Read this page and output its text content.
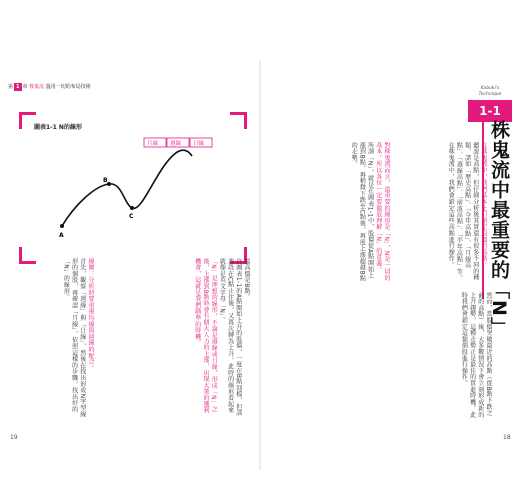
第 1 章 株鬼流 溫用一切的布局技術
圖表1-1 N的線形
A
B
C
月線 週線 日線

最高價是B點。

自圖表1-1的A點開始上升的股價，一度在B點回檔，但該波段在C點止住後，又再次轉為上升，此時的線形看起來就像是英文字母「N」。

「N」是理想的線形，不論是週線或日線，形成「N」之後，上漲到B點時會有個大人力的上漲，出現大量的獲利機會，這就是我們瞄準的時機。

線圖：分析時要重視均線與週線的配合。

首先，觀察「週線」與「日線」，然後在找出形成N字型線形的個股，再確認「月線」，依照這樣的步驟，找出好的「N」的線形。

Kabuki's
Technique
1-1
株鬼流中最重要的「N」

在株鬼流中，我們基本上只鎖定股價的高點。

聽說是高點，但仔細分析後其實還有很多不同的種類，諸如「歷史高點」、「今年高點」、「月線高點」、「週線高點」、「前波高點」、「半年高點」等，在株鬼流中，我們會鎖定這些高點進行操作。

對株鬼流而言，最重要的線形是「N」，N是一切的基本。所以各位一定要徹底理解「N」的意義。

所謂「N」，就是在圖表1-1中，股價從A點開始上漲到B點，再稍微下跌至C點後，再度上漲超越B點的走勢。

然而，當股價突破最近的高點（從B點下跌之前的高點）後，大多數情況下會立刻形成新的上升趨勢，這種走勢正是最佳的買進時機。此時我們會鎖定這類個股進行操作。

19	18
